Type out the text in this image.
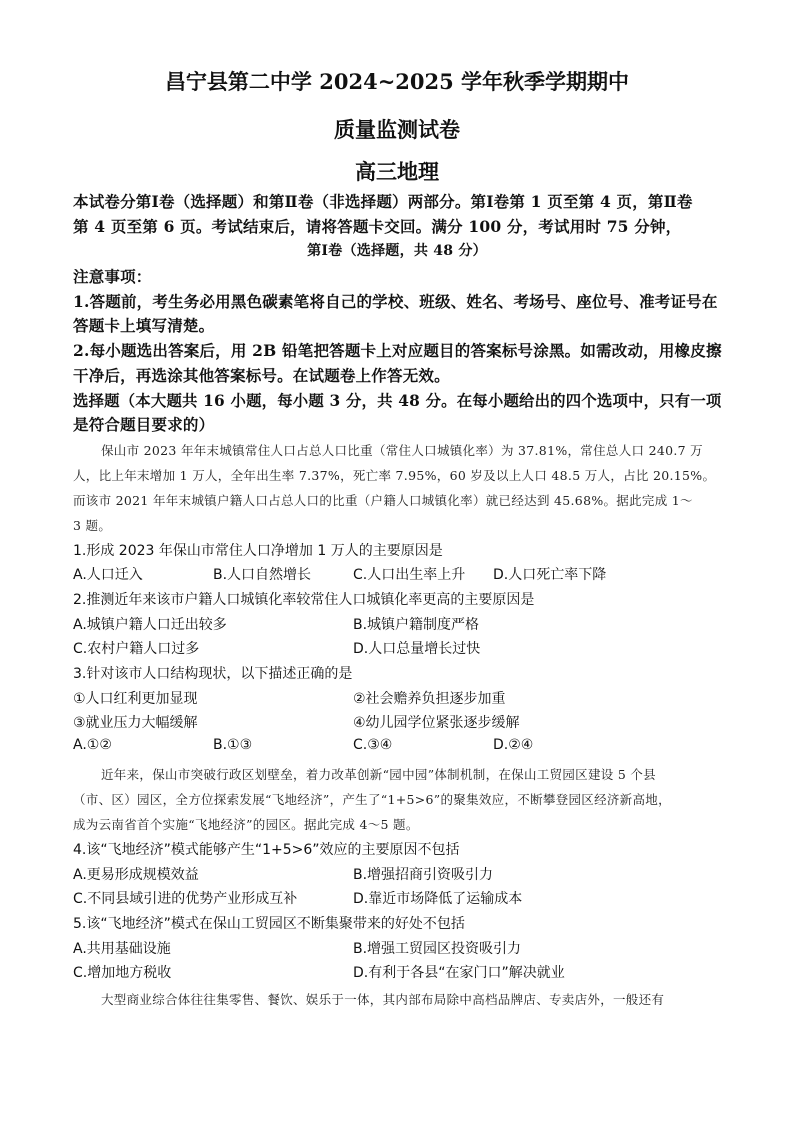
昌宁县第二中学 2024~2025 学年秋季学期期中

质量监测试卷

高三地理

本试卷分第Ⅰ卷（选择题）和第Ⅱ卷（非选择题）两部分。第Ⅰ卷第 1 页至第 4 页，第Ⅱ卷

第 4 页至第 6 页。考试结束后，请将答题卡交回。满分 100 分，考试用时 75 分钟，

第Ⅰ卷（选择题，共 48 分）

注意事项：

1.答题前，考生务必用黑色碳素笔将自己的学校、班级、姓名、考场号、座位号、准考证号在

答题卡上填写清楚。

2.每小题选出答案后，用 2B 铅笔把答题卡上对应题目的答案标号涂黑。如需改动，用橡皮擦

干净后，再选涂其他答案标号。在试题卷上作答无效。

选择题（本大题共 16 小题，每小题 3 分，共 48 分。在每小题给出的四个选项中，只有一项

是符合题目要求的）

保山市 2023 年年末城镇常住人口占总人口比重（常住人口城镇化率）为 37.81%，常住总人口 240.7 万

人，比上年末增加 1 万人，全年出生率 7.37%，死亡率 7.95%，60 岁及以上人口 48.5 万人，占比 20.15%。

而该市 2021 年年末城镇户籍人口占总人口的比重（户籍人口城镇化率）就已经达到 45.68%。据此完成 1～

3 题。

1.形成 2023 年保山市常住人口净增加 1 万人的主要原因是

A.人口迁入	B.人口自然增长	C.人口出生率上升 D.人口死亡率下降

2.推测近年来该市户籍人口城镇化率较常住人口城镇化率更高的主要原因是

A.城镇户籍人口迁出较多	B.城镇户籍制度严格
C.农村户籍人口过多	D.人口总量增长过快

3.针对该市人口结构现状，以下描述正确的是

①人口红利更加显现	②社会赡养负担逐步加重
③就业压力大幅缓解	④幼儿园学位紧张逐步缓解
A.①②	B.①③	C.③④	D.②④

近年来，保山市突破行政区划壁垒，着力改革创新“园中园”体制机制，在保山工贸园区建设 5 个县

（市、区）园区，全方位探索发展“飞地经济”，产生了“1+5>6”的聚集效应，不断攀登园区经济新高地，

成为云南省首个实施“飞地经济”的园区。据此完成 4～5 题。

4.该“飞地经济”模式能够产生“1+5>6”效应的主要原因不包括

A.更易形成规模效益	B.增强招商引资吸引力
C.不同县域引进的优势产业形成互补	D.靠近市场降低了运输成本

5.该“飞地经济”模式在保山工贸园区不断集聚带来的好处不包括

A.共用基础设施	B.增强工贸园区投资吸引力
C.增加地方税收	D.有利于各县“在家门口”解决就业

大型商业综合体往往集零售、餐饮、娱乐于一体，其内部布局除中高档品牌店、专卖店外，一般还有
